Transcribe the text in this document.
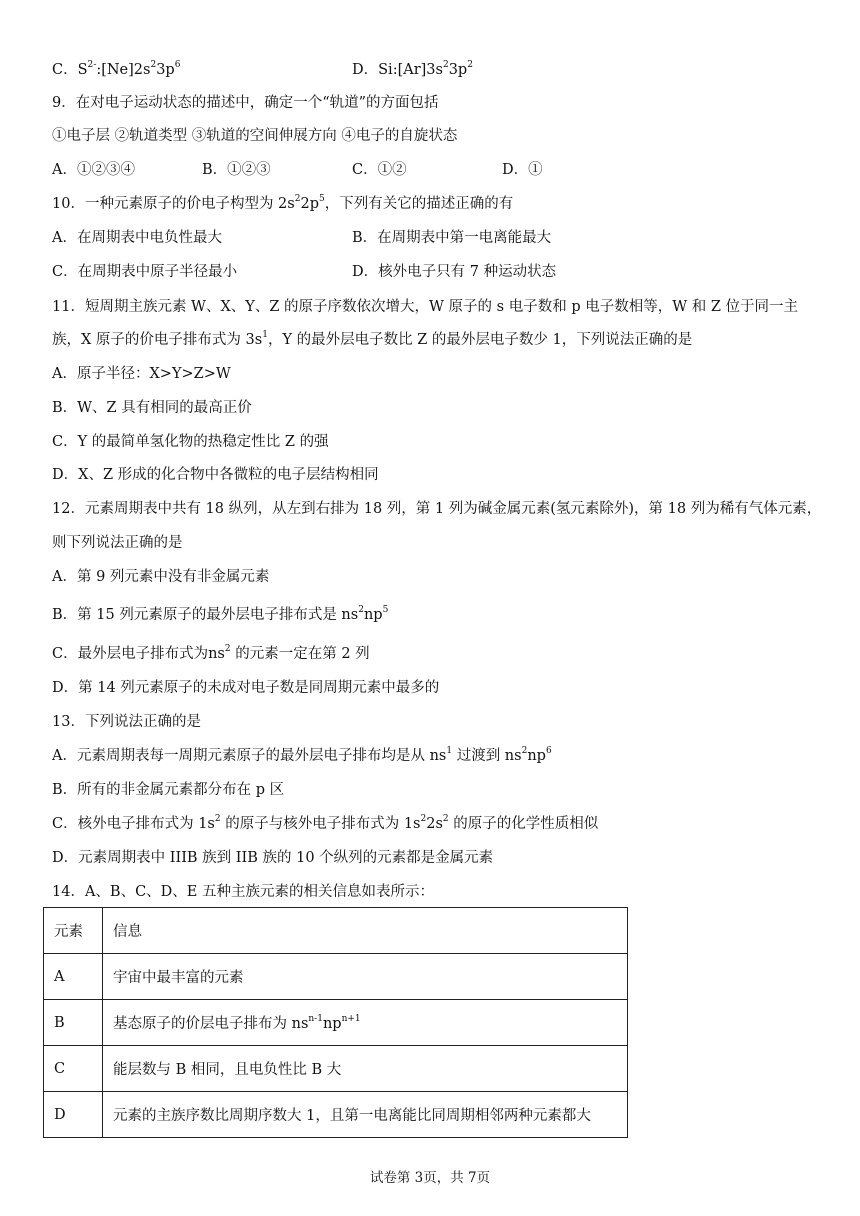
C．$S^{2-}:[Ne]2s^23p^6$	D．$Si:[Ar]3s^23p^2$
9．在对电子运动状态的描述中，确定一个“轨道”的方面包括
①电子层 ②轨道类型 ③轨道的空间伸展方向 ④电子的自旋状态
A．①②③④	B．①②③	C．①②	D．①
10．一种元素原子的价电子构型为 $2s^22p^5$，下列有关它的描述正确的有
A．在周期表中电负性最大	B．在周期表中第一电离能最大
C．在周期表中原子半径最小	D．核外电子只有 7 种运动状态
11．短周期主族元素 W、X、Y、Z 的原子序数依次增大，W 原子的 s 电子数和 p 电子数相等，W 和 Z 位于同一主
族，X 原子的价电子排布式为 $3s^1$，Y 的最外层电子数比 Z 的最外层电子数少 1，下列说法正确的是
A．原子半径：X>Y>Z>W
B．W、Z 具有相同的最高正价
C．Y 的最简单氢化物的热稳定性比 Z 的强
D．X、Z 形成的化合物中各微粒的电子层结构相同
12．元素周期表中共有 18 纵列，从左到右排为 18 列，第 1 列为碱金属元素(氢元素除外)，第 18 列为稀有气体元素，
则下列说法正确的是
A．第 9 列元素中没有非金属元素
B．第 15 列元素原子的最外层电子排布式是 $ns^2np^5$
C．最外层电子排布式为$ns^2$ 的元素一定在第 2 列
D．第 14 列元素原子的未成对电子数是同周期元素中最多的
13．下列说法正确的是
A．元素周期表每一周期元素原子的最外层电子排布均是从 $ns^1$ 过渡到 $ns^2np^6$
B．所有的非金属元素都分布在 p 区
C．核外电子排布式为 $1s^2$ 的原子与核外电子排布式为 $1s^22s^2$ 的原子的化学性质相似
D．元素周期表中 IIIB 族到 IIB 族的 10 个纵列的元素都是金属元素
14．A、B、C、D、E 五种主族元素的相关信息如表所示：
元素	信息
A	宇宙中最丰富的元素
B	基态原子的价层电子排布为 $ns^{n-1}np^{n+1}$
C	能层数与 B 相同，且电负性比 B 大
D	元素的主族序数比周期序数大 1，且第一电离能比同周期相邻两种元素都大
试卷第 3页，共 7页
